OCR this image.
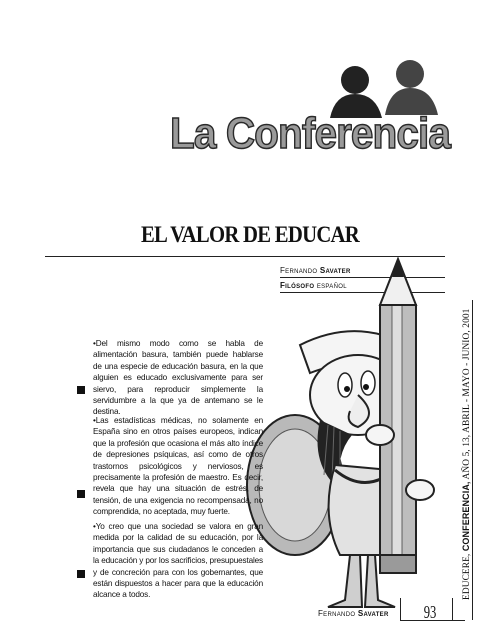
La Conferencia
EL VALOR DE EDUCAR
Fernando Savater
Filósofo español
•Del mismo modo como se habla de alimentación basura, también puede hablarse de una especie de educación basura, en la que alguien es educado exclusivamente para ser siervo, para reproducir simplemente la servidumbre a la que ya de antemano se le destina.
•Las estadísticas médicas, no solamente en España sino en otros países europeos, indican que la profesión que ocasiona el más alto índice de depresiones psíquicas, así como de otros trastornos psicológicos y nerviosos, es precisamente la profesión de maestro. Es decir, revela que hay una situación de estrés, de tensión, de una exigencia no recompensada, no comprendida, no aceptada, muy fuerte.
•Yo creo que una sociedad se valora en gran medida por la calidad de su educación, por la importancia que sus ciudadanos le conceden a la educación y por los sacrificios, presupuestales y de concreción para con los gobernantes, que están dispuestos a hacer para que la educación alcance a todos.
Fernando Savater	93
EDUCERE, CONFERENCIA, AÑO 5, 13, ABRIL - MAYO - JUNIO, 2001
